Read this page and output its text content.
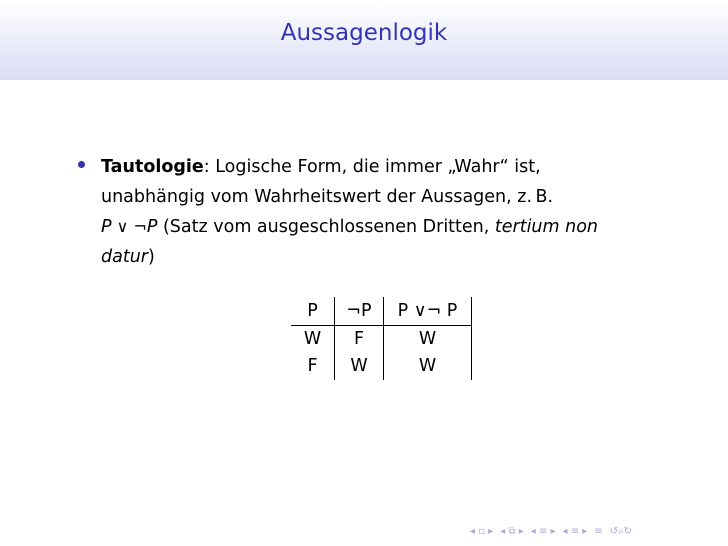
Aussagenlogik
Tautologie: Logische Form, die immer „Wahr“ ist,
unabhängig vom Wahrheitswert der Aussagen, z. B.
P ∨ ¬P (Satz vom ausgeschlossenen Dritten, tertium non
datur)
P	¬P	P ∨¬ P
W	F	W
F	W	W
◂ ▫ ▸ ◂ ⧉ ▸ ◂ ≡ ▸ ◂ ≡ ▸ ≡ ↺⌕↻
